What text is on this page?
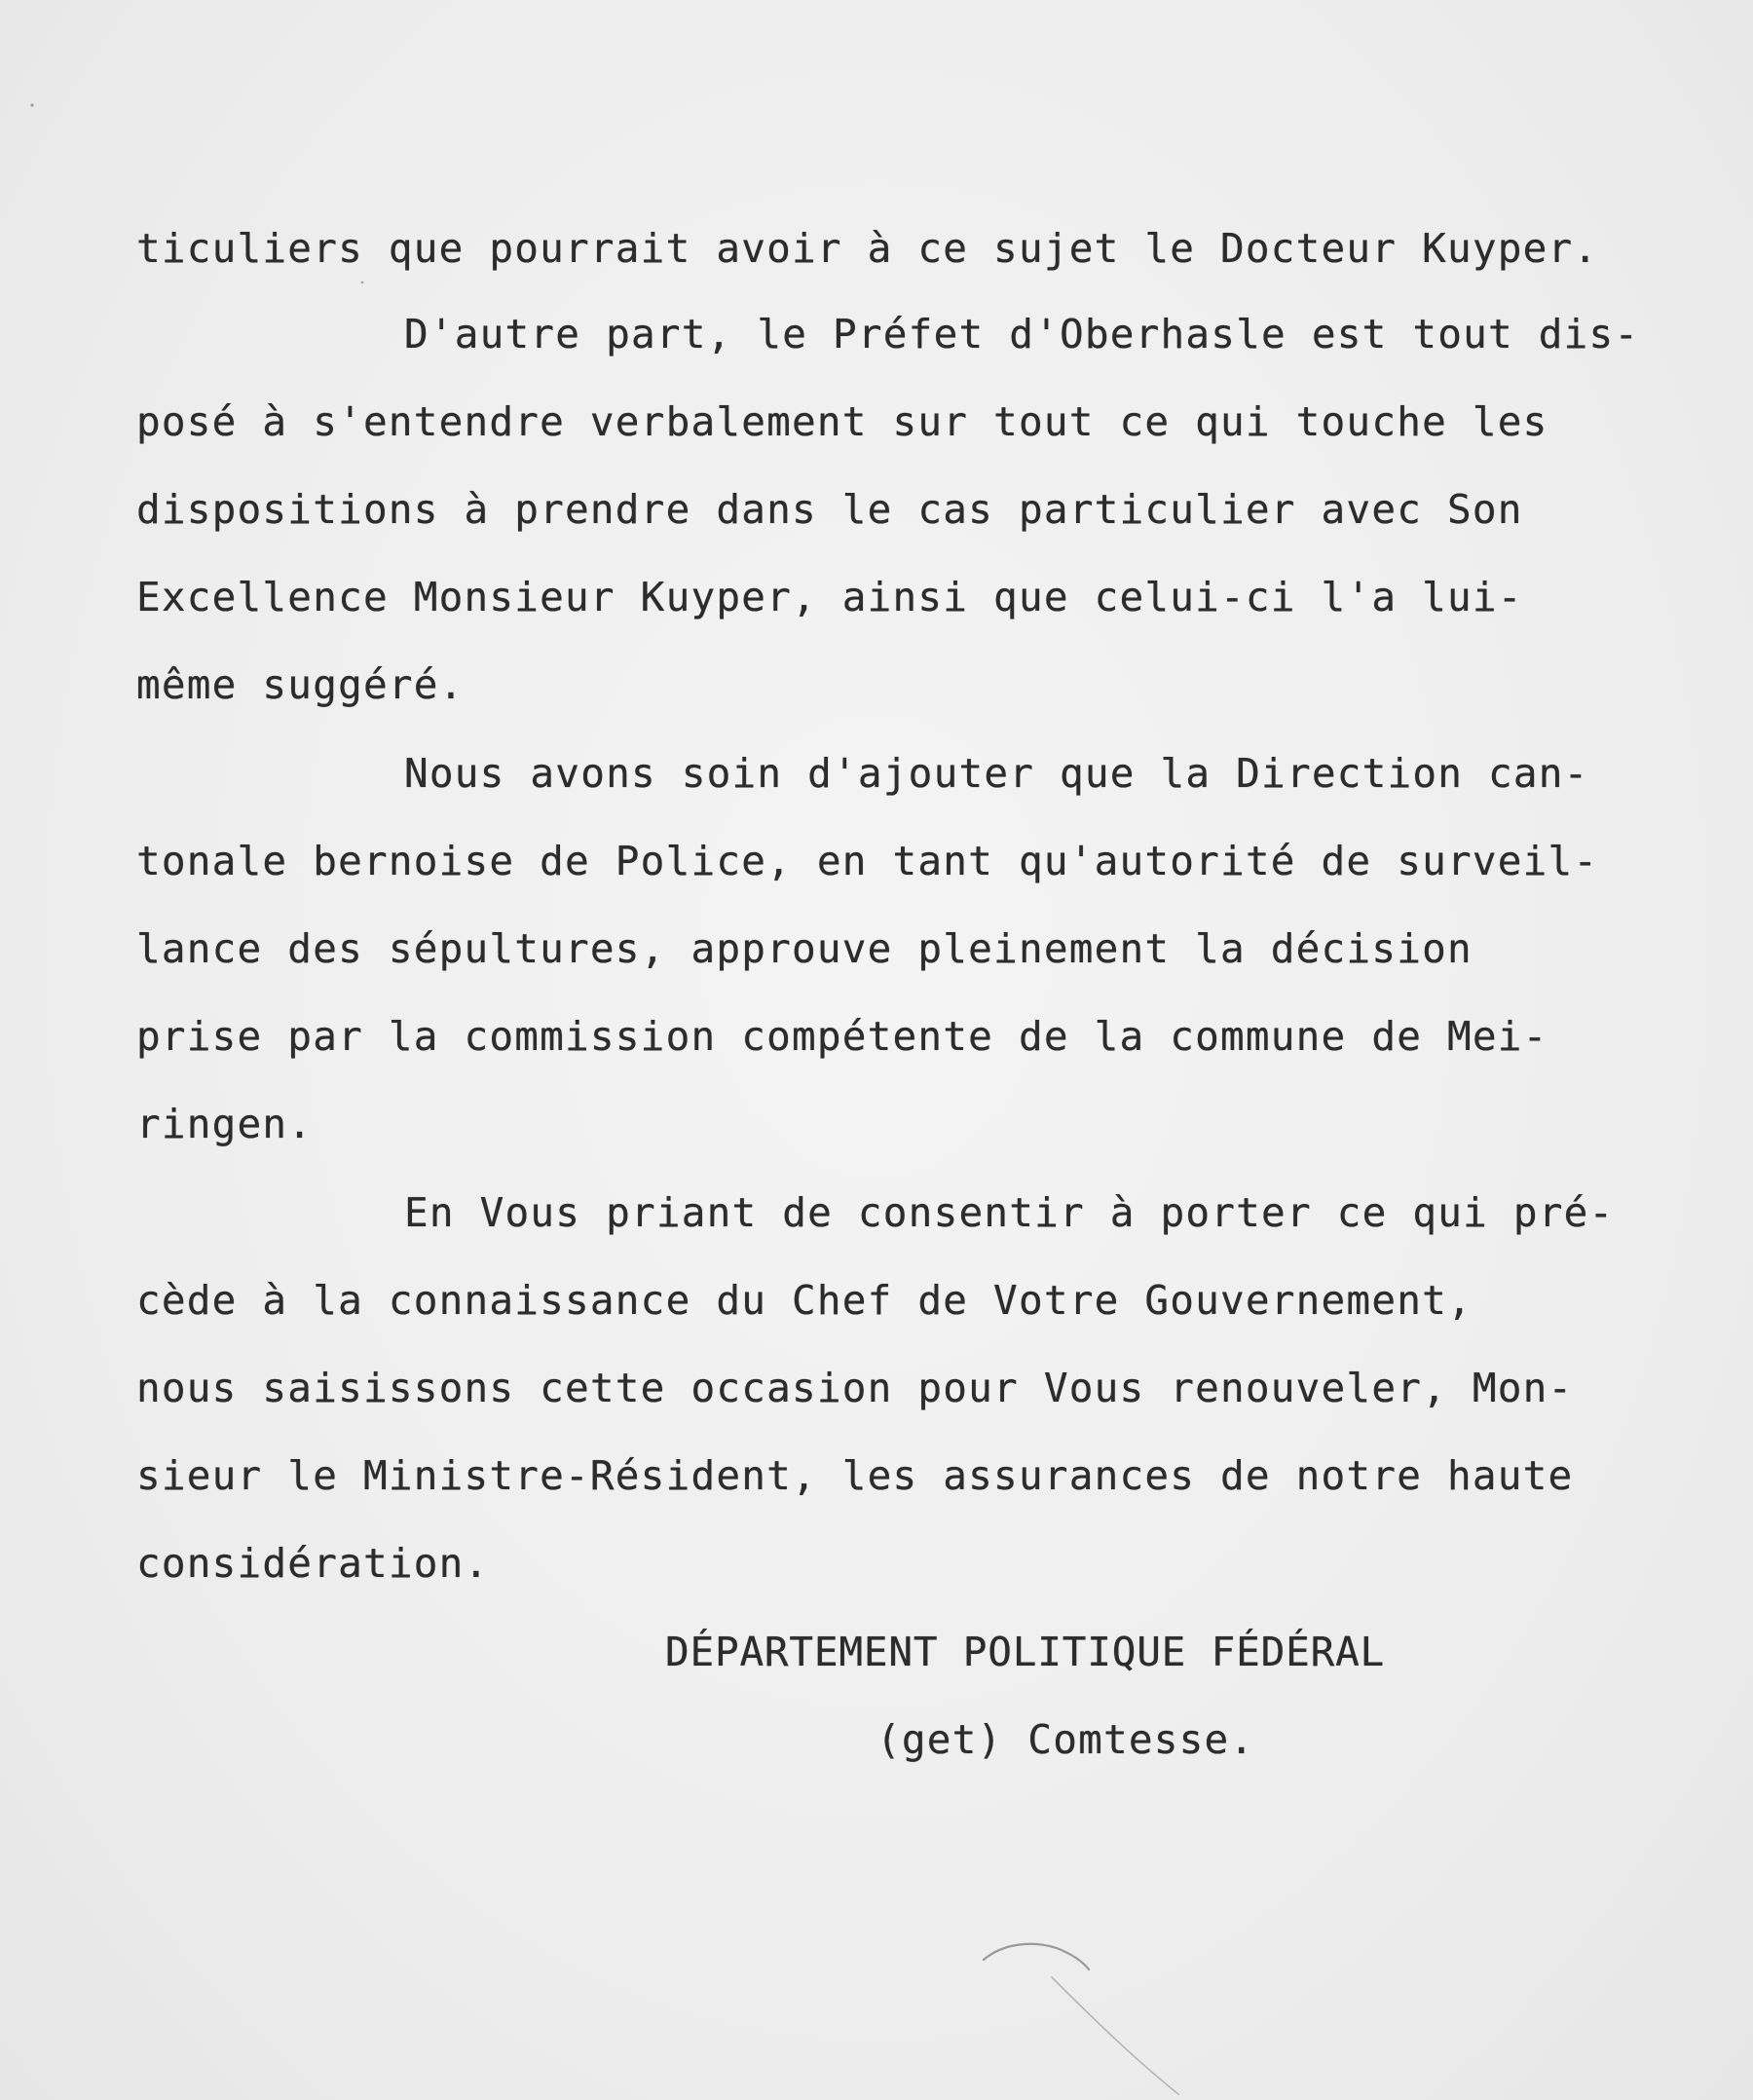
ticuliers que pourrait avoir à ce sujet le Docteur Kuyper.
D'autre part, le Préfet d'Oberhasle est tout dis-
posé à s'entendre verbalement sur tout ce qui touche les
dispositions à prendre dans le cas particulier avec Son
Excellence Monsieur Kuyper, ainsi que celui-ci l'a lui-
même suggéré.
Nous avons soin d'ajouter que la Direction can-
tonale bernoise de Police, en tant qu'autorité de surveil-
lance des sépultures, approuve pleinement la décision
prise par la commission compétente de la commune de Mei-
ringen.
En Vous priant de consentir à porter ce qui pré-
cède à la connaissance du Chef de Votre Gouvernement,
nous saisissons cette occasion pour Vous renouveler, Mon-
sieur le Ministre-Résident, les assurances de notre haute
considération.
DÉPARTEMENT POLITIQUE FÉDÉRAL
(get) Comtesse.
